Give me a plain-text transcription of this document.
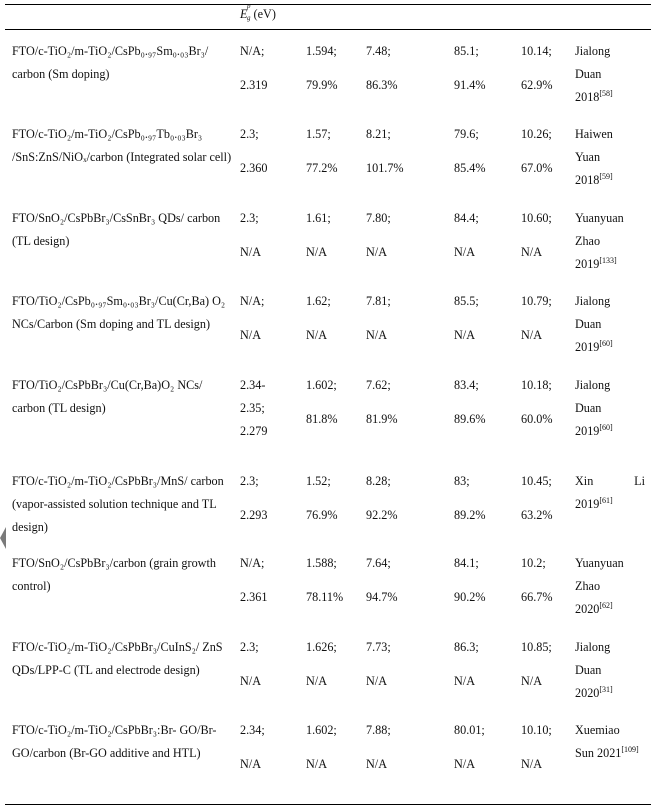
E
p
g (eV)
FTO/c-TiO₂/m-TiO₂/CsPb₀.₉₇Sm₀.₀₃Br₃/ carbon (Sm doping)
N/A;
2.319
1.594;
79.9%
7.48;
86.3%
85.1;
91.4%
10.14;
62.9%
Jialong
Duan
2018[58]
FTO/c-TiO₂/m-TiO₂/CsPb₀.₉₇Tb₀.₀₃Br₃ /SnS:ZnS/NiOₓ/carbon (Integrated solar cell)
2.3;
2.360
1.57;
77.2%
8.21;
101.7%
79.6;
85.4%
10.26;
67.0%
Haiwen
Yuan
2018[59]
FTO/SnO₂/CsPbBr₃/CsSnBr₃ QDs/ carbon (TL design)
2.3;
N/A
1.61;
N/A
7.80;
N/A
84.4;
N/A
10.60;
N/A
Yuanyuan
Zhao
2019[133]
FTO/TiO₂/CsPb₀.₉₇Sm₀.₀₃Br₃/Cu(Cr,Ba) O₂ NCs/Carbon (Sm doping and TL design)
N/A;
N/A
1.62;
N/A
7.81;
N/A
85.5;
N/A
10.79;
N/A
Jialong
Duan
2019[60]
FTO/TiO₂/CsPbBr₃/Cu(Cr,Ba)O₂ NCs/ carbon (TL design)
2.34-
2.35;
2.279
1.602;
81.8%
7.62;
81.9%
83.4;
89.6%
10.18;
60.0%
Jialong
Duan
2019[60]
FTO/c-TiO₂/m-TiO₂/CsPbBr₃/MnS/ carbon (vapor-assisted solution technique and TL design)
2.3;
2.293
1.52;
76.9%
8.28;
92.2%
83;
89.2%
10.45;
63.2%
Xin	Li
2019[61]
FTO/SnO₂/CsPbBr₃/carbon (grain growth control)
N/A;
2.361
1.588;
78.11%
7.64;
94.7%
84.1;
90.2%
10.2;
66.7%
Yuanyuan
Zhao
2020[62]
FTO/c-TiO₂/m-TiO₂/CsPbBr₃/CuInS₂/ ZnS QDs/LPP-C (TL and electrode design)
2.3;
N/A
1.626;
N/A
7.73;
N/A
86.3;
N/A
10.85;
N/A
Jialong
Duan
2020[31]
FTO/c-TiO₂/m-TiO₂/CsPbBr₃:Br- GO/Br-GO/carbon (Br-GO additive and HTL)
2.34;
N/A
1.602;
N/A
7.88;
N/A
80.01;
N/A
10.10;
N/A
Xuemiao
Sun 2021[109]
